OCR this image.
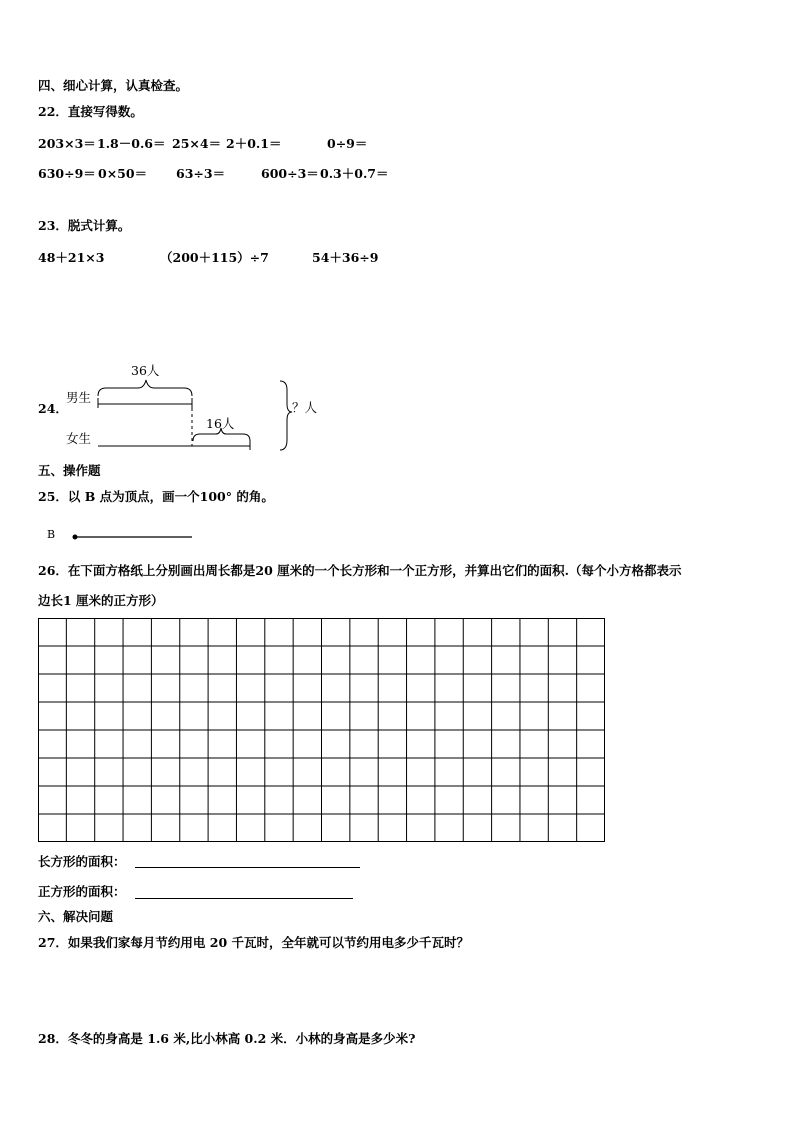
四、细心计算，认真检查。
22．直接写得数。
203×3＝ 1.8－0.6＝ 25×4＝ 2＋0.1＝	0÷9＝
630÷9＝ 0×50＝ 63÷3＝	600÷3＝ 0.3＋0.7＝
23．脱式计算。
48＋21×3	（200＋115）÷7	54＋36÷9
24．
男生
女生
36人
16人
？人
五、操作题
25．以 B 点为顶点，画一个100° 的角。
B
26．在下面方格纸上分别画出周长都是20 厘米的一个长方形和一个正方形，并算出它们的面积.（每个小方格都表示
边长1 厘米的正方形）
长方形的面积：
正方形的面积：
六、解决问题
27．如果我们家每月节约用电 20 千瓦时，全年就可以节约用电多少千瓦时？
28．冬冬的身高是 1.6 米,比小林高 0.2 米．小林的身高是多少米?
